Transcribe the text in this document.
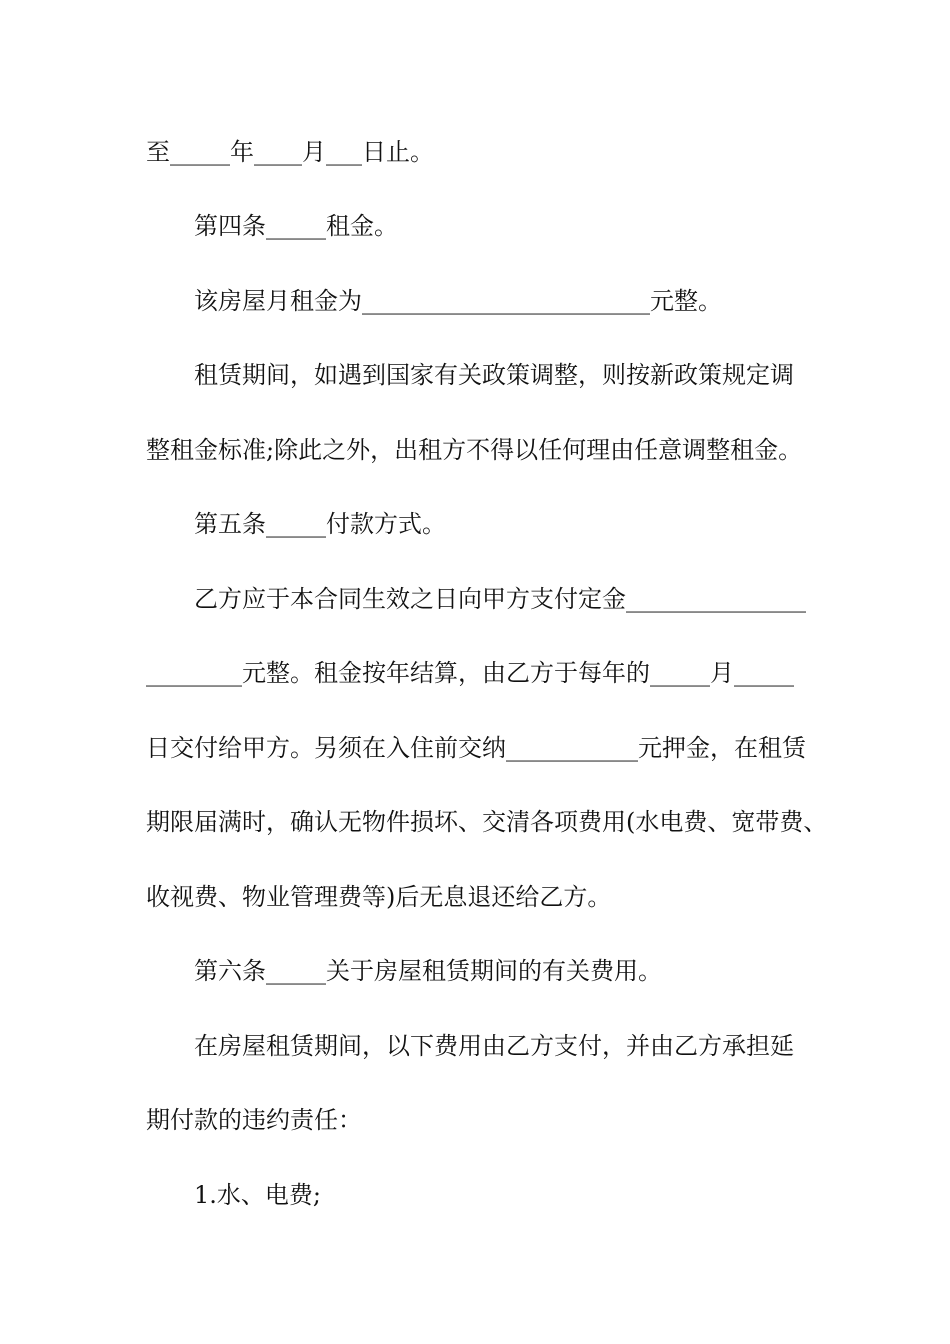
至_____年____月___日止。
第四条_____租金。
该房屋月租金为________________________元整。
租赁期间，如遇到国家有关政策调整，则按新政策规定调
整租金标准;除此之外，出租方不得以任何理由任意调整租金。
第五条_____付款方式。
乙方应于本合同生效之日向甲方支付定金_______________
________元整。租金按年结算，由乙方于每年的_____月_____
日交付给甲方。另须在入住前交纳___________元押金，在租赁
期限届满时，确认无物件损坏、交清各项费用(水电费、宽带费、
收视费、物业管理费等)后无息退还给乙方。
第六条_____关于房屋租赁期间的有关费用。
在房屋租赁期间，以下费用由乙方支付，并由乙方承担延
期付款的违约责任：
1.水、电费;
